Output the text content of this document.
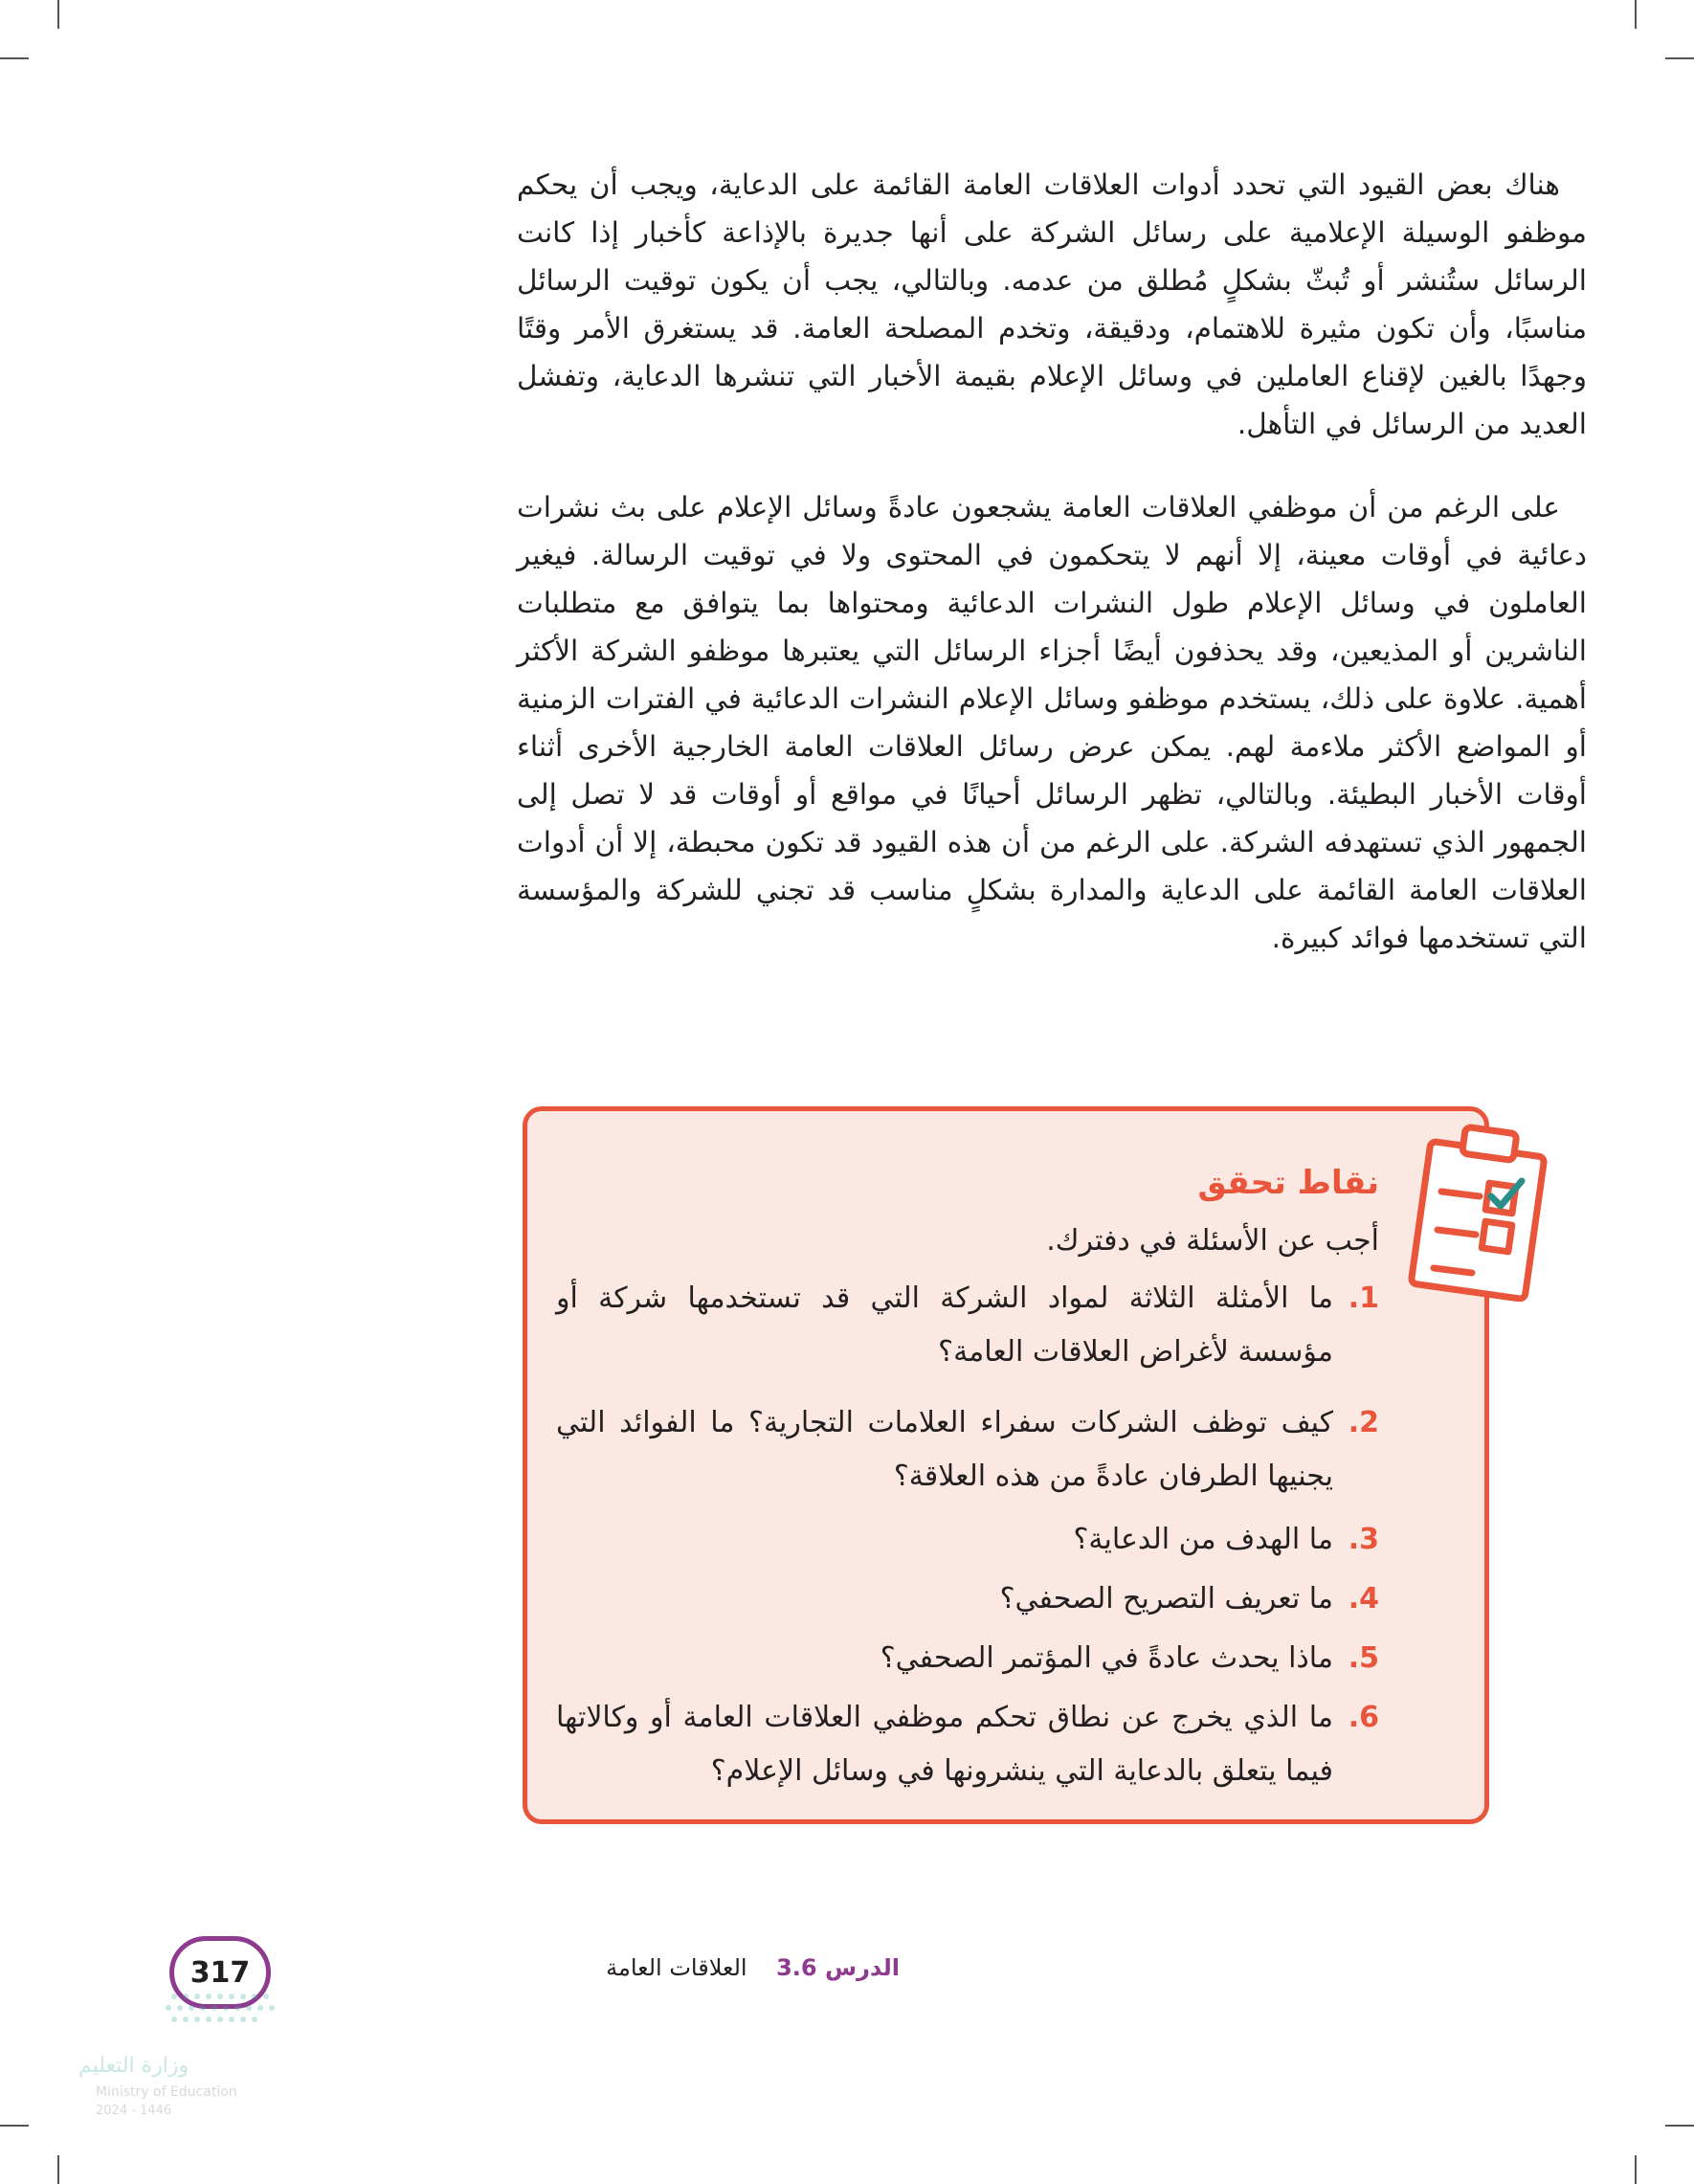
هناك بعض القيود التي تحدد أدوات العلاقات العامة القائمة على الدعاية، ويجب أن يحكم موظفو الوسيلة الإعلامية على رسائل الشركة على أنها جديرة بالإذاعة كأخبار إذا كانت الرسائل ستُنشر أو تُبثّ بشكلٍ مُطلق من عدمه. وبالتالي، يجب أن يكون توقيت الرسائل مناسبًا، وأن تكون مثيرة للاهتمام، ودقيقة، وتخدم المصلحة العامة. قد يستغرق الأمر وقتًا وجهدًا بالغين لإقناع العاملين في وسائل الإعلام بقيمة الأخبار التي تنشرها الدعاية، وتفشل العديد من الرسائل في التأهل.

على الرغم من أن موظفي العلاقات العامة يشجعون عادةً وسائل الإعلام على بث نشرات دعائية في أوقات معينة، إلا أنهم لا يتحكمون في المحتوى ولا في توقيت الرسالة. فيغير العاملون في وسائل الإعلام طول النشرات الدعائية ومحتواها بما يتوافق مع متطلبات الناشرين أو المذيعين، وقد يحذفون أيضًا أجزاء الرسائل التي يعتبرها موظفو الشركة الأكثر أهمية. علاوة على ذلك، يستخدم موظفو وسائل الإعلام النشرات الدعائية في الفترات الزمنية أو المواضع الأكثر ملاءمة لهم. يمكن عرض رسائل العلاقات العامة الخارجية الأخرى أثناء أوقات الأخبار البطيئة. وبالتالي، تظهر الرسائل أحيانًا في مواقع أو أوقات قد لا تصل إلى الجمهور الذي تستهدفه الشركة. على الرغم من أن هذه القيود قد تكون محبطة، إلا أن أدوات العلاقات العامة القائمة على الدعاية والمدارة بشكلٍ مناسب قد تجني للشركة والمؤسسة التي تستخدمها فوائد كبيرة.

نقاط تحقق

أجب عن الأسئلة في دفترك.

1.
ما الأمثلة الثلاثة لمواد الشركة التي قد تستخدمها شركة أو مؤسسة لأغراض العلاقات العامة؟
2.
كيف توظف الشركات سفراء العلامات التجارية؟ ما الفوائد التي يجنيها الطرفان عادةً من هذه العلاقة؟
3.
ما الهدف من الدعاية؟
4.
ما تعريف التصريح الصحفي؟
5.
ماذا يحدث عادةً في المؤتمر الصحفي؟
6.
ما الذي يخرج عن نطاق تحكم موظفي العلاقات العامة أو وكالاتها فيما يتعلق بالدعاية التي ينشرونها في وسائل الإعلام؟

الدرس 3.6    العلاقات العامة

317

وزارة التعليم

Ministry of Education

2024 - 1446
